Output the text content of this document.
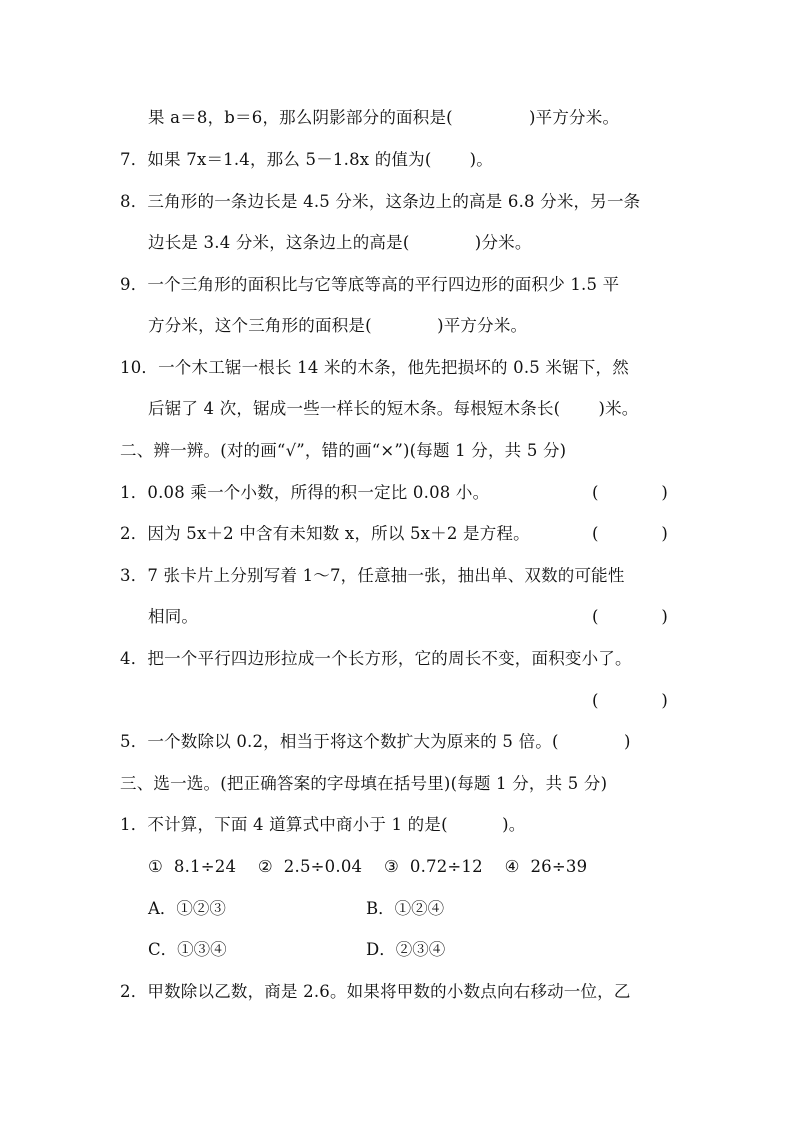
果 a＝8，b＝6，那么阴影部分的面积是(              )平方分米。
7．如果 7x＝1.4，那么 5－1.8x 的值为(       )。
8．三角形的一条边长是 4.5 分米，这条边上的高是 6.8 分米，另一条
边长是 3.4 分米，这条边上的高是(            )分米。
9．一个三角形的面积比与它等底等高的平行四边形的面积少 1.5 平
方分米，这个三角形的面积是(            )平方分米。
10．一个木工锯一根长 14 米的木条，他先把损坏的 0.5 米锯下，然
后锯了 4 次，锯成一些一样长的短木条。每根短木条长(       )米。
二、辨一辨。(对的画“√”，错的画“×”)(每题 1 分，共 5 分)
1．0.08 乘一个小数，所得的积一定比 0.08 小。	(            )
2．因为 5x＋2 中含有未知数 x，所以 5x＋2 是方程。	(            )
3．7 张卡片上分别写着 1～7，任意抽一张，抽出单、双数的可能性
相同。	(            )
4．把一个平行四边形拉成一个长方形，它的周长不变，面积变小了。
(            )
5．一个数除以 0.2，相当于将这个数扩大为原来的 5 倍。(            )
三、选一选。(把正确答案的字母填在括号里)(每题 1 分，共 5 分)
1．不计算，下面 4 道算式中商小于 1 的是(          )。
①  8.1÷24    ②  2.5÷0.04    ③  0.72÷12    ④  26÷39
A．①②③	B．①②④
C．①③④	D．②③④
2．甲数除以乙数，商是 2.6。如果将甲数的小数点向右移动一位，乙
